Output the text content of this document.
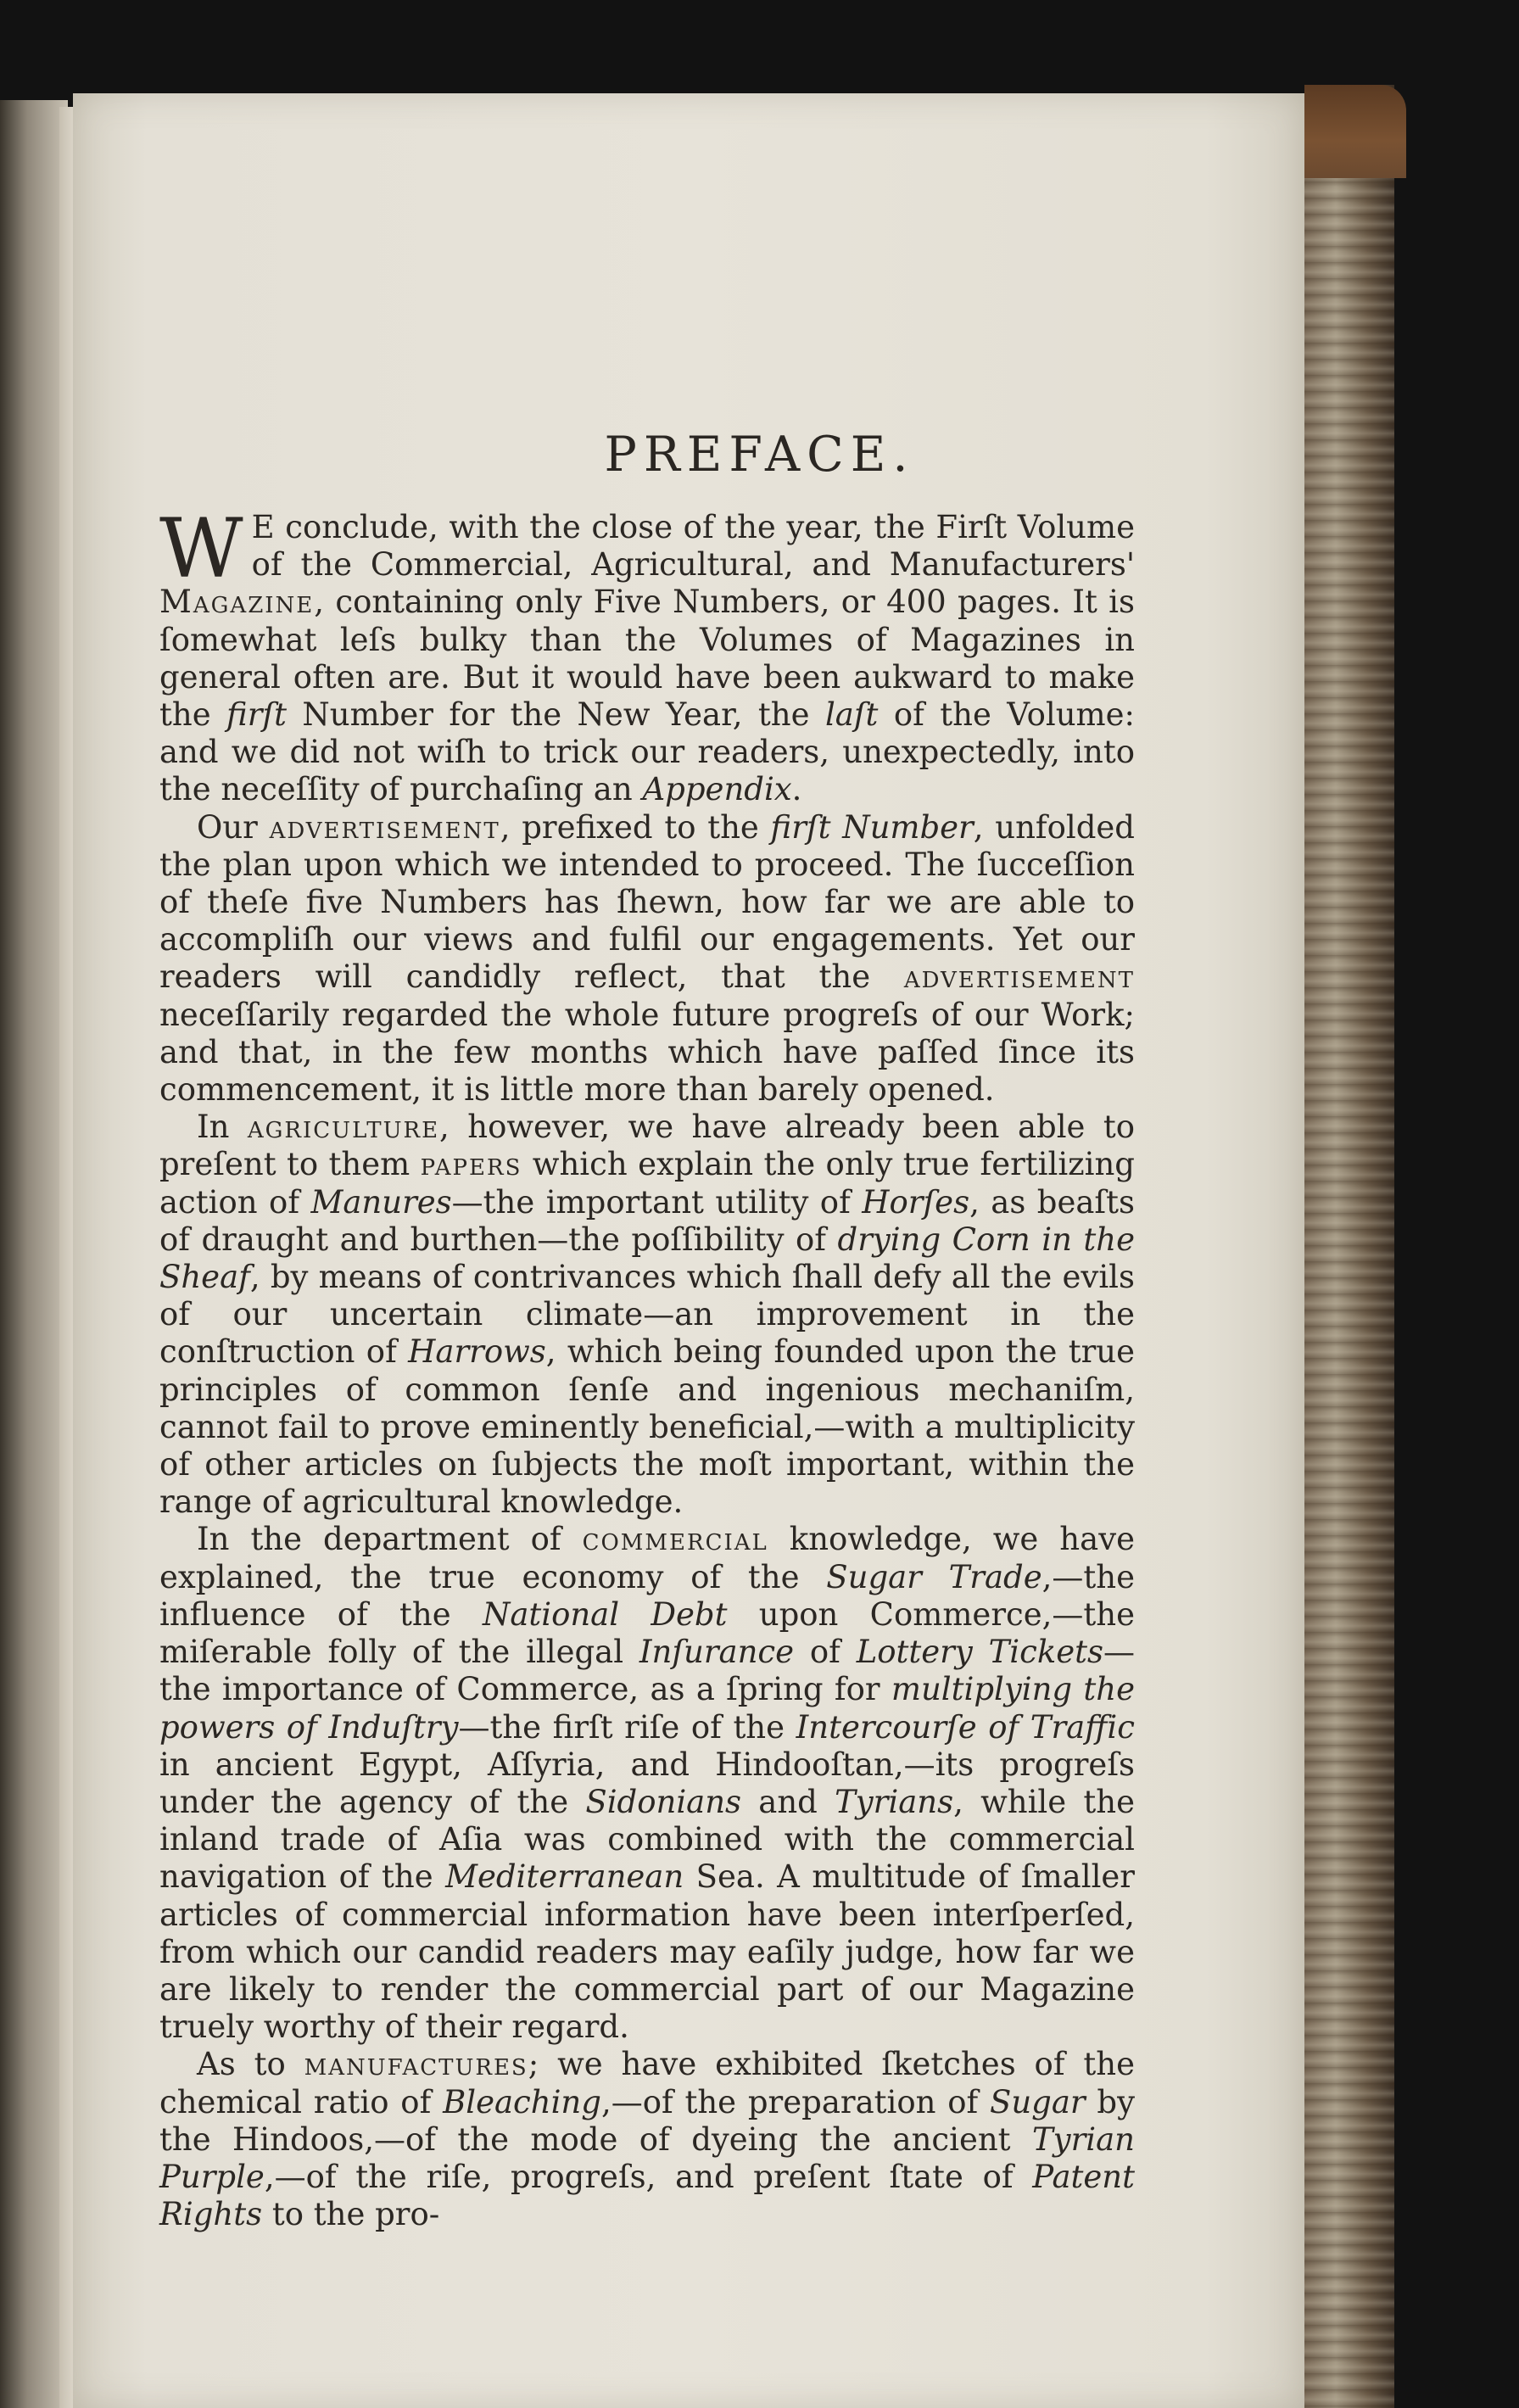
PREFACE.

W E conclude, with the close of the year, the Firſt Volume of the Commercial, Agricultural, and Manufacturers' Magazine, containing only Five Numbers, or 400 pages. It is ſomewhat leſs bulky than the Volumes of Magazines in general often are. But it would have been aukward to make the firſt Number for the New Year, the laſt of the Volume: and we did not wiſh to trick our readers, unexpectedly, into the neceſſity of purchaſing an Appendix.

Our advertisement, prefixed to the firſt Number, unfolded the plan upon which we intended to proceed. The ſucceſſion of theſe five Numbers has ſhewn, how far we are able to accompliſh our views and fulfil our engagements. Yet our readers will candidly reflect, that the advertisement neceſſarily regarded the whole future progreſs of our Work; and that, in the few months which have paſſed ſince its commencement, it is little more than barely opened.

In agriculture, however, we have already been able to preſent to them papers which explain the only true fertilizing action of Manures—the important utility of Horſes, as beaſts of draught and burthen—the poſſibility of drying Corn in the Sheaf, by means of contrivances which ſhall defy all the evils of our uncertain climate—an improvement in the conſtruction of Harrows, which being founded upon the true principles of common ſenſe and ingenious mechaniſm, cannot fail to prove eminently beneficial,—with a multiplicity of other articles on ſubjects the moſt important, within the range of agricultural knowledge.

In the department of commercial knowledge, we have explained, the true economy of the Sugar Trade,—the influence of the National Debt upon Commerce,—the miſerable folly of the illegal Inſurance of Lottery Tickets—the importance of Commerce, as a ſpring for multiplying the powers of Induſtry—the firſt riſe of the Intercourſe of Traffic in ancient Egypt, Aſſyria, and Hindooſtan,—its progreſs under the agency of the Sidonians and Tyrians, while the inland trade of Aſia was combined with the commercial navigation of the Mediterranean Sea. A multitude of ſmaller articles of commercial information have been interſperſed, from which our candid readers may eaſily judge, how far we are likely to render the commercial part of our Magazine truely worthy of their regard.

As to manufactures; we have exhibited ſketches of the chemical ratio of Bleaching,—of the preparation of Sugar by the Hindoos,—of the mode of dyeing the ancient Tyrian Purple,—of the riſe, progreſs, and preſent ſtate of Patent Rights to the pro-
